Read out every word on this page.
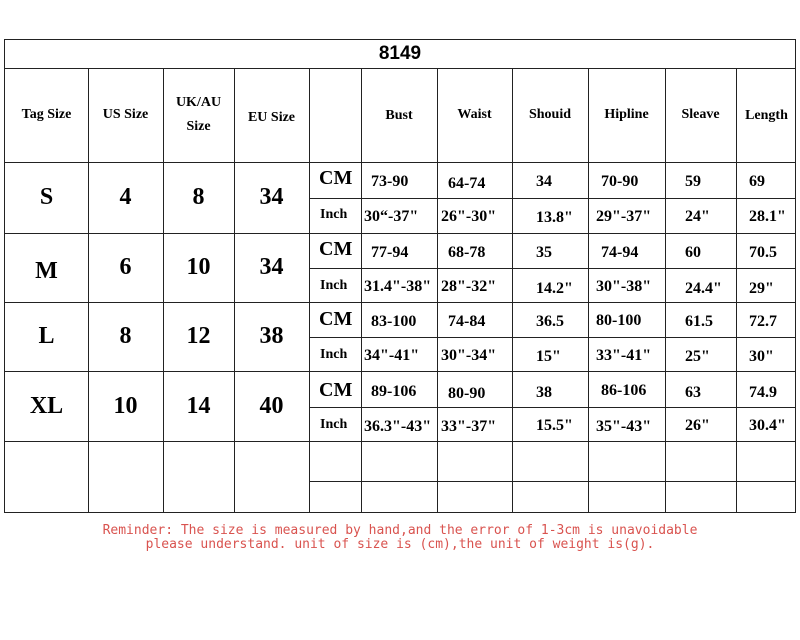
8149
Tag Size	US Size
UK/AU
Size
EU Size	Bust	Waist	Shouid	Hipline	Sleave	Length
S	4	8	34
CM
Inch
73-90 64-74	34	70-90	59	69
30“-37" 26"-30" 13.8" 29"-37" 24" 28.1"
M	6	10	34
CM
Inch
77-94 68-78	35	74-94	60	70.5
31.4"-38" 28"-32" 14.2" 30"-38" 24.4" 29"
L	8	12	38
CM
Inch
83-100 74-84	36.5 80-100	61.5 72.7
34"-41" 30"-34" 15" 33"-41" 25" 30"
XL	10	14	40
CM
Inch
89-106 80-90	38	86-106 63	74.9
36.3"-43" 33"-37" 15.5" 35"-43" 26" 30.4"
Reminder: The size is measured by hand,and the error of 1-3cm is unavoidable
please understand. unit of size is (cm),the unit of weight is(g).
